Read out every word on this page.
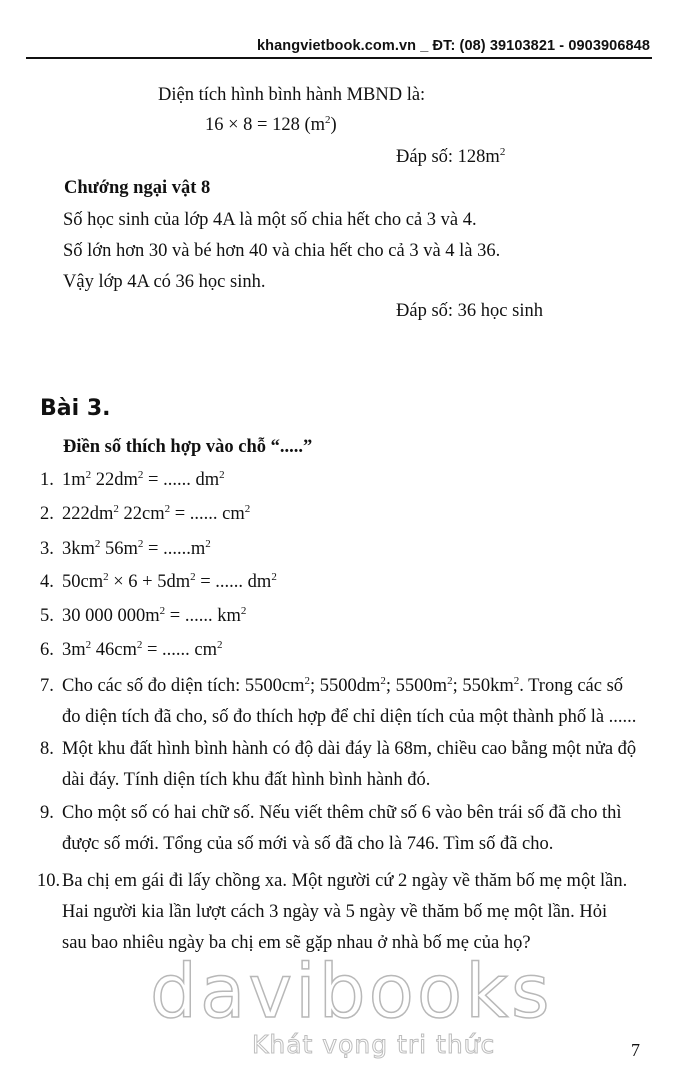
khangvietbook.com.vn _ ĐT: (08) 39103821 - 0903906848
Diện tích hình bình hành MBND là:
16 × 8 = 128 $(m^2)$
Đáp số: $128m^2$
Chướng ngại vật 8
Số học sinh của lớp 4A là một số chia hết cho cả 3 và 4.
Số lớn hơn 30 và bé hơn 40 và chia hết cho cả 3 và 4 là 36.
Vậy lớp 4A có 36 học sinh.
Đáp số: 36 học sinh
Bài 3.
Điền số thích hợp vào chỗ “.....”
1. $1m^2$ $22dm^2$ = ...... $dm^2$
2. $222dm^2$ $22cm^2$ = ...... $cm^2$
3. $3km^2$ $56m^2 = ......m^2$
4. $50cm^2 \times 6 + 5dm^2$ = ...... $dm^2$
5. 30 000 $000m^2$ = ...... $km^2$
6. $3m^2$ $46cm^2$ = ...... $cm^2$
7. Cho các số đo diện tích: $5500cm^2$; $5500dm^2$; $5500m^2$; $550km^2$. Trong các số
đo diện tích đã cho, số đo thích hợp để chỉ diện tích của một thành phố là ......
8. Một khu đất hình bình hành có độ dài đáy là 68m, chiều cao bằng một nửa độ
dài đáy. Tính diện tích khu đất hình bình hành đó.
9. Cho một số có hai chữ số. Nếu viết thêm chữ số 6 vào bên trái số đã cho thì
được số mới. Tổng của số mới và số đã cho là 746. Tìm số đã cho.
10. Ba chị em gái đi lấy chồng xa. Một người cứ 2 ngày về thăm bố mẹ một lần.
Hai người kia lần lượt cách 3 ngày và 5 ngày về thăm bố mẹ một lần. Hỏi
sau bao nhiêu ngày ba chị em sẽ gặp nhau ở nhà bố mẹ của họ?
davibooks
Khát vọng tri thức	7
